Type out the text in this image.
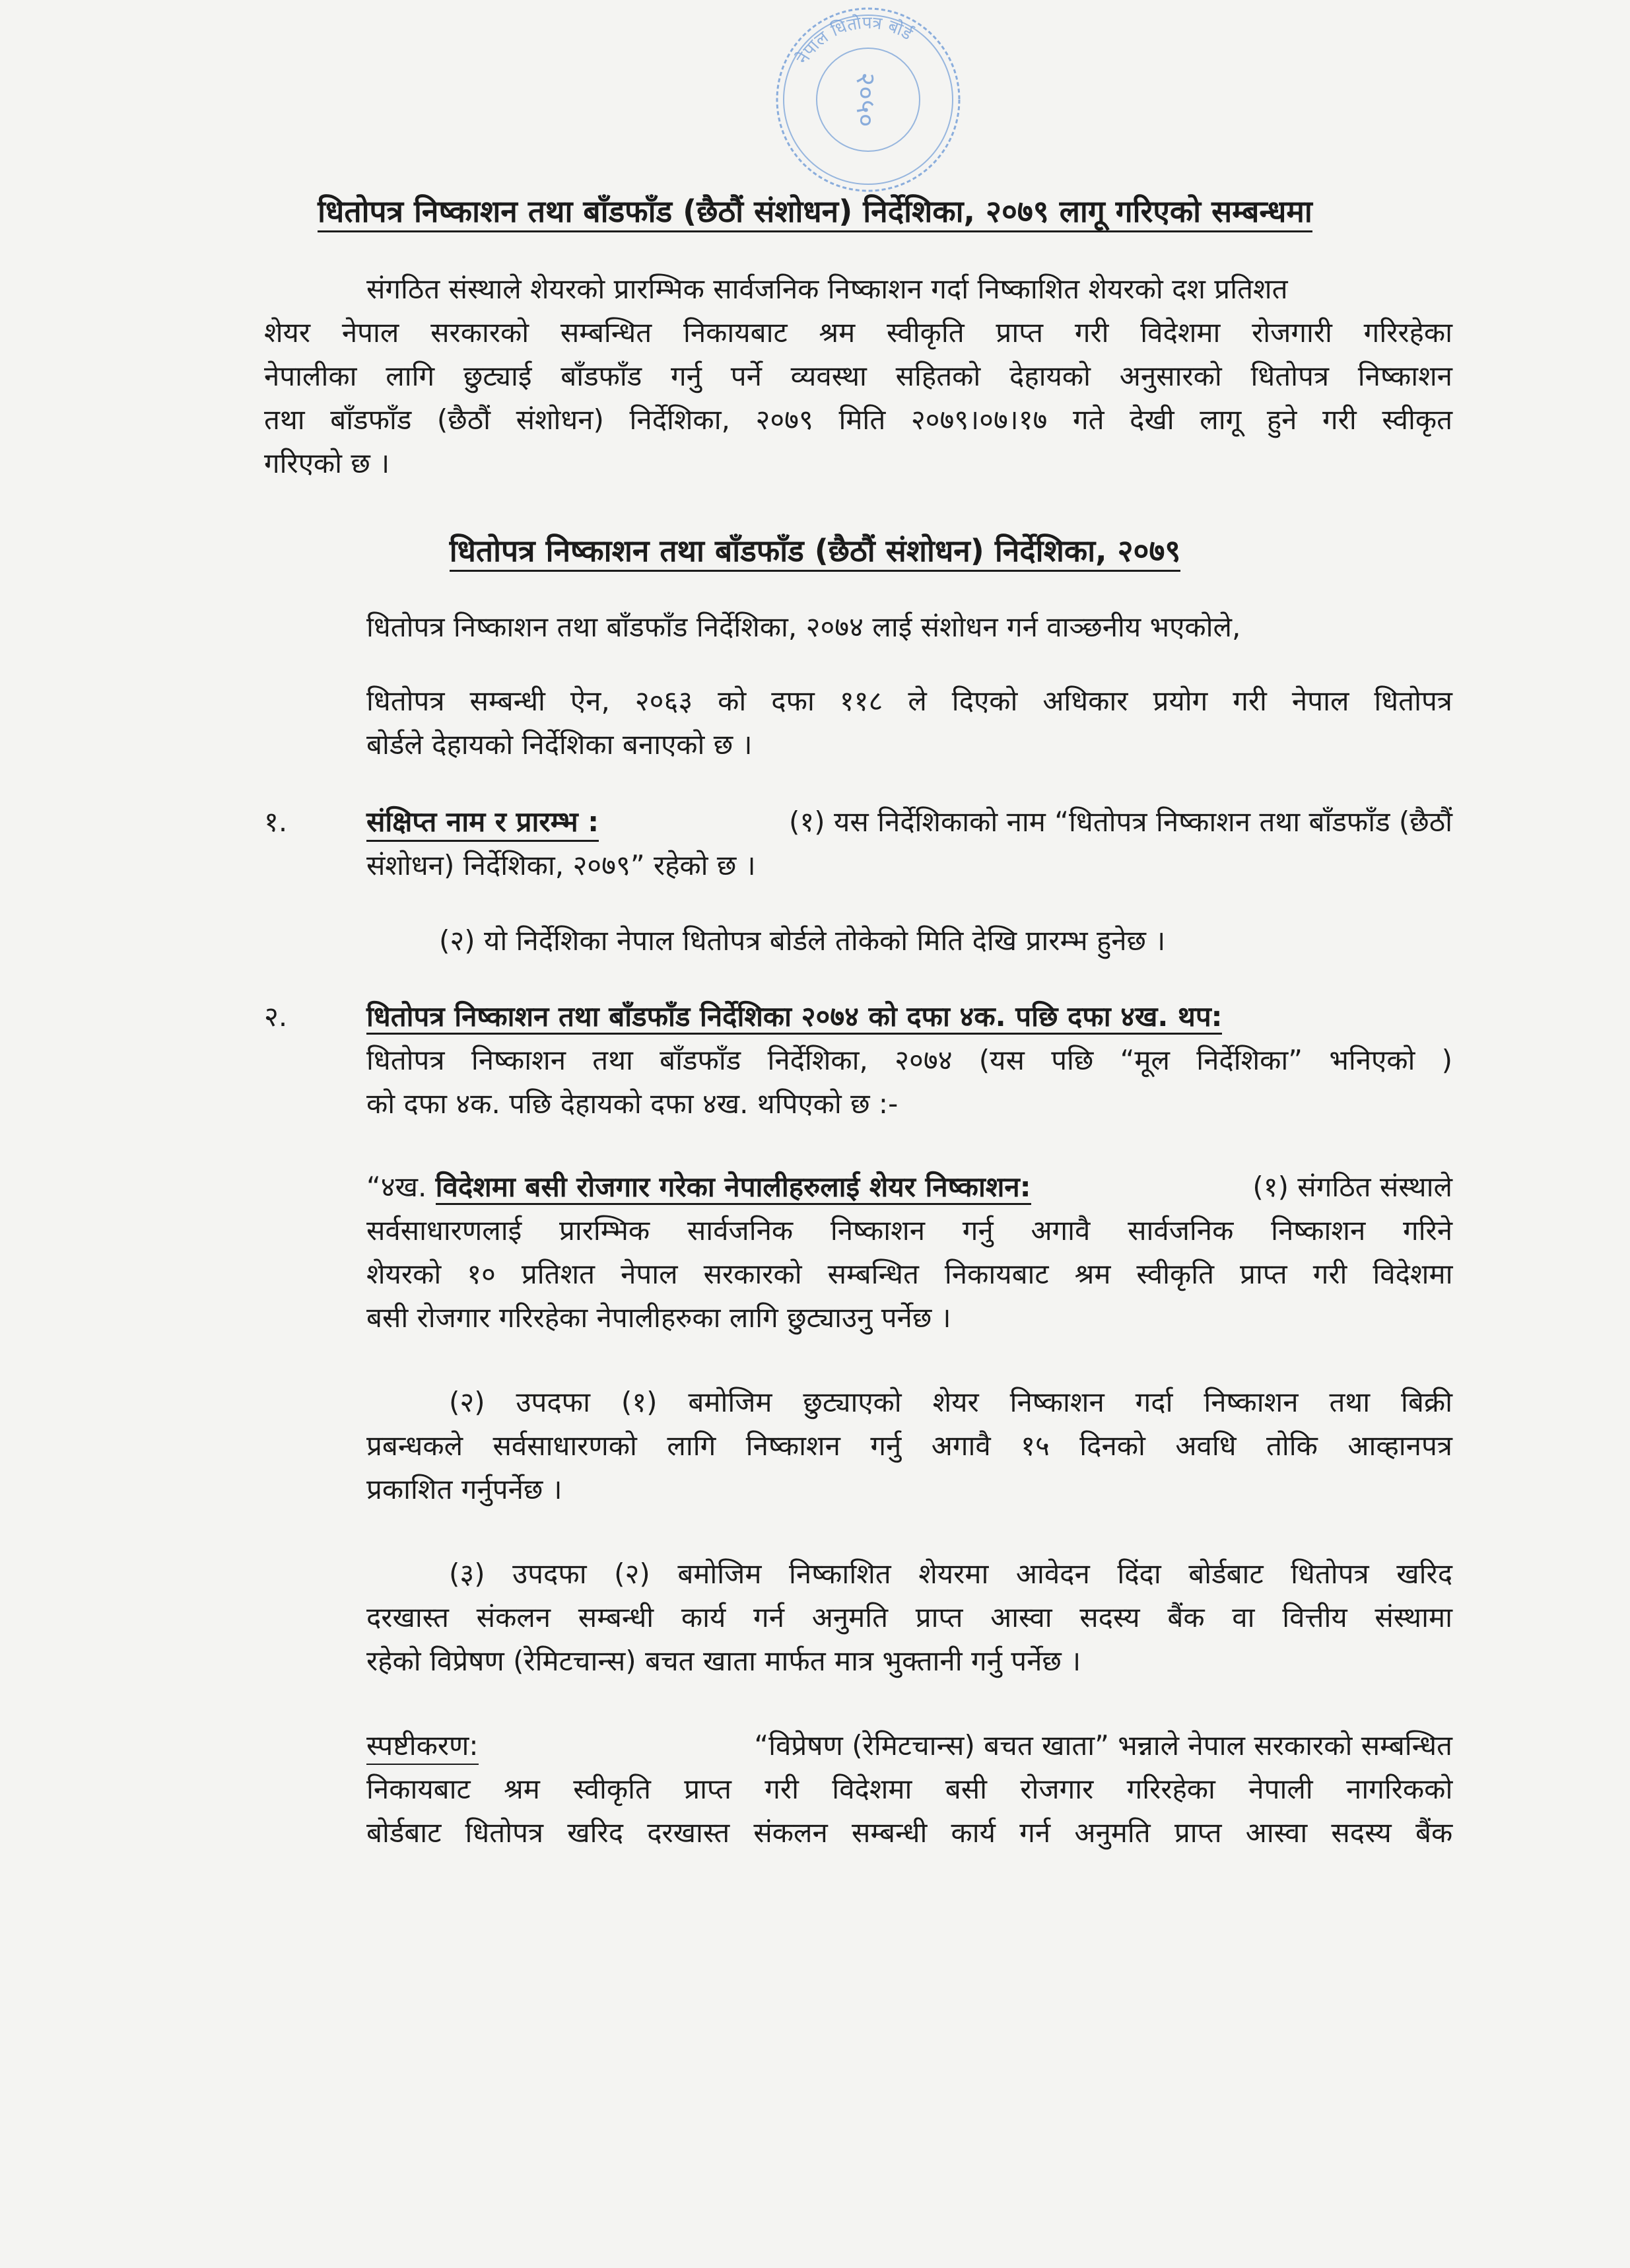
नेपाल धितोपत्र बोर्ड
२०५०
धितोपत्र निष्काशन तथा बाँडफाँड (छैठौं संशोधन) निर्देशिका, २०७९ लागू गरिएको सम्बन्धमा
संगठित संस्थाले शेयरको प्रारम्भिक सार्वजनिक निष्काशन गर्दा निष्काशित शेयरको दश प्रतिशत
शेयर नेपाल सरकारको सम्बन्धित निकायबाट श्रम स्वीकृति प्राप्त गरी विदेशमा रोजगारी गरिरहेका
नेपालीका लागि छुट्याई बाँडफाँड गर्नु पर्ने व्यवस्था सहितको देहायको अनुसारको धितोपत्र निष्काशन
तथा बाँडफाँड (छैठौं संशोधन) निर्देशिका, २०७९ मिति २०७९।०७।१७ गते देखी लागू हुने गरी स्वीकृत
गरिएको छ ।
धितोपत्र निष्काशन तथा बाँडफाँड (छैठौं संशोधन) निर्देशिका, २०७९
धितोपत्र निष्काशन तथा बाँडफाँड निर्देशिका, २०७४ लाई संशोधन गर्न वाञ्छनीय भएकोले,
धितोपत्र सम्बन्धी ऐन, २०६३ को दफा ११८ ले दिएको अधिकार प्रयोग गरी नेपाल धितोपत्र
बोर्डले देहायको निर्देशिका बनाएको छ ।
१.	संक्षिप्त नाम र प्रारम्भ :	(१) यस निर्देशिकाको नाम “धितोपत्र निष्काशन तथा बाँडफाँड (छैठौं
संशोधन) निर्देशिका, २०७९” रहेको छ ।
(२) यो निर्देशिका नेपाल धितोपत्र बोर्डले तोकेको मिति देखि प्रारम्भ हुनेछ ।
२.	धितोपत्र निष्काशन तथा बाँडफाँड निर्देशिका २०७४ को दफा ४क. पछि दफा ४ख. थप:
धितोपत्र निष्काशन तथा बाँडफाँड निर्देशिका, २०७४ (यस पछि “मूल निर्देशिका” भनिएको )
को दफा ४क. पछि देहायको दफा ४ख. थपिएको छ :-
“४ख. विदेशमा बसी रोजगार गरेका नेपालीहरुलाई शेयर निष्काशन:	(१) संगठित संस्थाले
सर्वसाधारणलाई प्रारम्भिक सार्वजनिक निष्काशन गर्नु अगावै सार्वजनिक निष्काशन गरिने
शेयरको १० प्रतिशत नेपाल सरकारको सम्बन्धित निकायबाट श्रम स्वीकृति प्राप्त गरी विदेशमा
बसी रोजगार गरिरहेका नेपालीहरुका लागि छुट्याउनु पर्नेछ ।
(२) उपदफा (१) बमोजिम छुट्याएको शेयर निष्काशन गर्दा निष्काशन तथा बिक्री
प्रबन्धकले सर्वसाधारणको लागि निष्काशन गर्नु अगावै १५ दिनको अवधि तोकि आव्हानपत्र
प्रकाशित गर्नुपर्नेछ ।
(३) उपदफा (२) बमोजिम निष्काशित शेयरमा आवेदन दिंदा बोर्डबाट धितोपत्र खरिद
दरखास्त संकलन सम्बन्धी कार्य गर्न अनुमति प्राप्त आस्वा सदस्य बैंक वा वित्तीय संस्थामा
रहेको विप्रेषण (रेमिटचान्स) बचत खाता मार्फत मात्र भुक्तानी गर्नु पर्नेछ ।
स्पष्टीकरण:	“विप्रेषण (रेमिटचान्स) बचत खाता” भन्नाले नेपाल सरकारको सम्बन्धित
निकायबाट श्रम स्वीकृति प्राप्त गरी विदेशमा बसी रोजगार गरिरहेका नेपाली नागरिकको
बोर्डबाट धितोपत्र खरिद दरखास्त संकलन सम्बन्धी कार्य गर्न अनुमति प्राप्त आस्वा सदस्य बैंक
